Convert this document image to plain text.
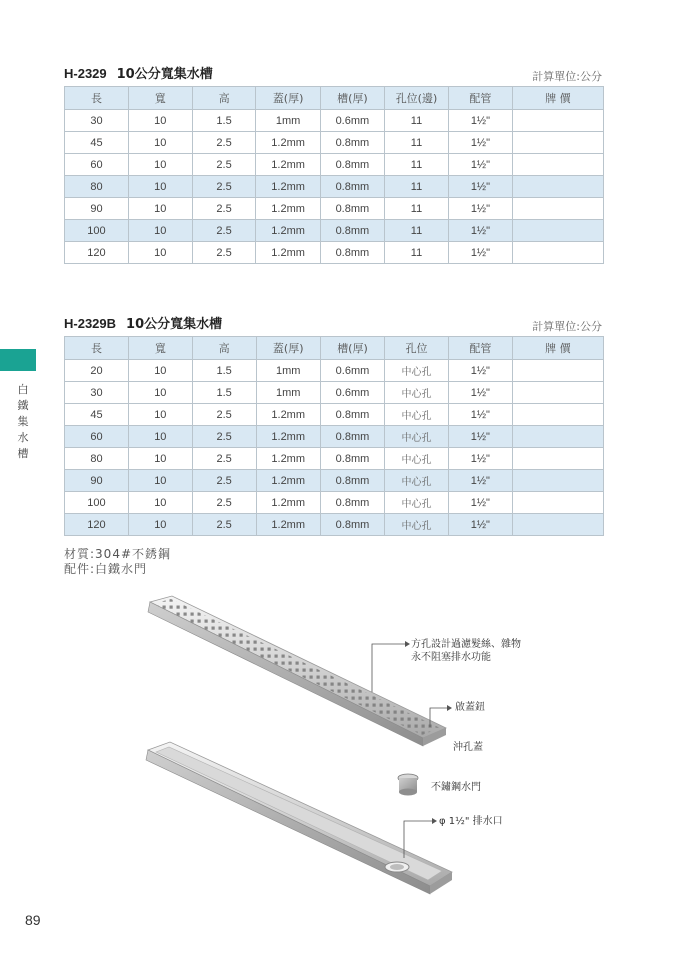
H-2329 10公分寬集水槽	計算單位:公分
長	寬	高	蓋(厚)	槽(厚)	孔位(邊)	配管	牌 價
30	10	1.5	1mm	0.6mm	11	1½"	
45	10	2.5	1.2mm	0.8mm	11	1½"	
60	10	2.5	1.2mm	0.8mm	11	1½"	
80	10	2.5	1.2mm	0.8mm	11	1½"	
90	10	2.5	1.2mm	0.8mm	11	1½"	
100	10	2.5	1.2mm	0.8mm	11	1½"	
120	10	2.5	1.2mm	0.8mm	11	1½"	
H-2329B 10公分寬集水槽	計算單位:公分
長	寬	高	蓋(厚)	槽(厚)	孔位	配管	牌 價
20	10	1.5	1mm	0.6mm	中心孔	1½"	
30	10	1.5	1mm	0.6mm	中心孔	1½"	
45	10	2.5	1.2mm	0.8mm	中心孔	1½"	
60	10	2.5	1.2mm	0.8mm	中心孔	1½"	
80	10	2.5	1.2mm	0.8mm	中心孔	1½"	
90	10	2.5	1.2mm	0.8mm	中心孔	1½"	
100	10	2.5	1.2mm	0.8mm	中心孔	1½"	
120	10	2.5	1.2mm	0.8mm	中心孔	1½"	
白
鐵
集
水
槽
材質:304#不銹鋼
配件:白鐵水門
方孔設計過濾髮絲、雜物
永不阻塞排水功能
啟蓋鈕
沖孔蓋
不鏽鋼水門
φ 1½" 排水口
89
